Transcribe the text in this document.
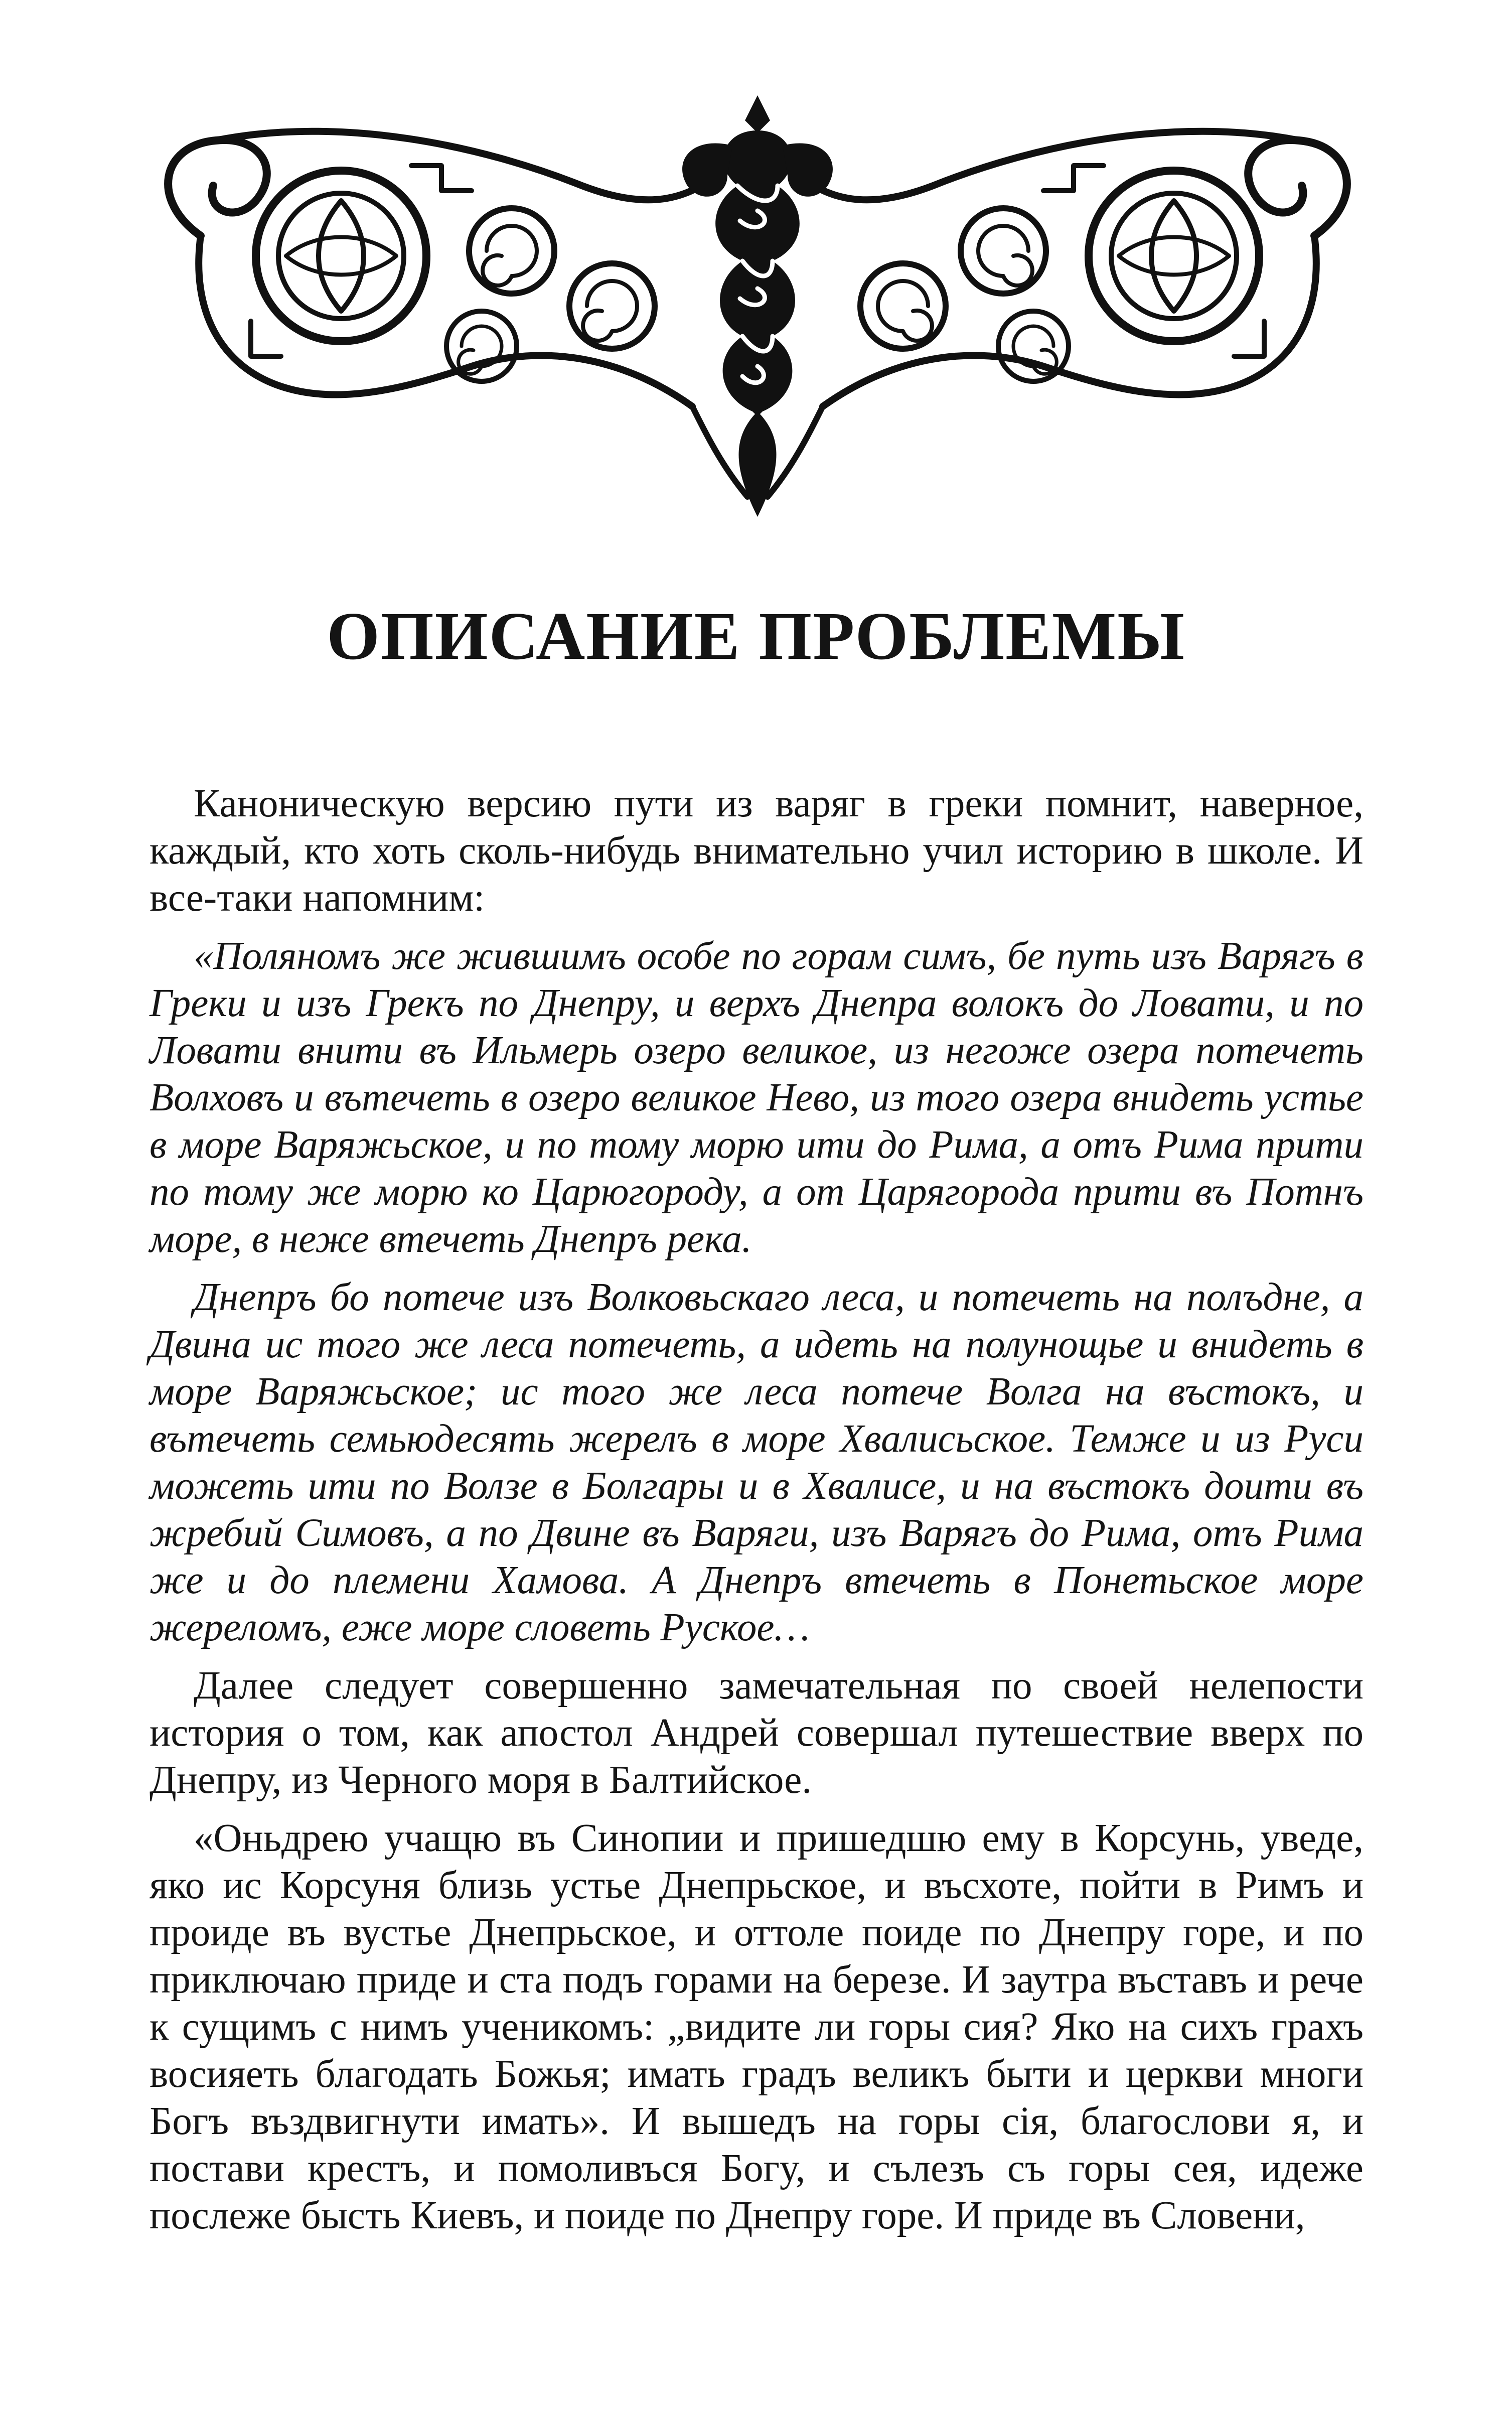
ОПИСАНИЕ ПРОБЛЕМЫ

Каноническую версию пути из варяг в греки помнит, наверное, каждый, кто хоть сколь-нибудь внимательно учил историю в школе. И все-таки напомним:

«Поляномъ же жившимъ особе по горам симъ, бе путь изъ Варягъ в Греки и изъ Грекъ по Днепру, и верхъ Днепра волокъ до Ловати, и по Ловати внити въ Ильмерь озеро великое, из негоже озера потечеть Волховъ и вътечеть в озеро великое Нево, из того озера внидеть устье в море Варяжьское, и по тому морю ити до Рима, а отъ Рима прити по тому же морю ко Царюгороду, а от Царягорода прити въ Потнъ море, в неже втечеть Днепръ река.

Днепръ бо потече изъ Волковьскаго леса, и потечеть на полъдне, а Двина ис того же леса потечеть, а идеть на полунощье и внидеть в море Варяжьское; ис того же леса потече Волга на въстокъ, и вътечеть семьюдесять жерелъ в море Хвалисьское. Темже и из Руси можеть ити по Волзе в Болгары и в Хвалисе, и на въстокъ доити въ жребий Симовъ, а по Двине въ Варяги, изъ Варягъ до Рима, отъ Рима же и до племени Хамова. А Днепръ втечеть в Понетьское море жереломъ, еже море словеть Руское…

Далее следует совершенно замечательная по своей нелепости история о том, как апостол Андрей совершал путешествие вверх по Днепру, из Черного моря в Балтийское.

«Оньдрею учащю въ Синопии и пришедшю ему в Корсунь, уведе, яко ис Корсуня близь устье Днепрьское, и въсхоте, пойти в Римъ и проиде въ вустье Днепрьское, и оттоле поиде по Днепру горе, и по приключаю приде и ста подъ горами на березе. И заутра въставъ и рече к сущимъ с нимъ ученикомъ: „видите ли горы сия? Яко на сихъ грахъ восияеть благодать Божья; имать градъ великъ быти и церкви многи Богъ въздвигнути имать». И вышедъ на горы сія, благослови я, и постави крестъ, и помоливъся Богу, и сълезъ съ горы сея, идеже послеже бысть Киевъ, и поиде по Днепру горе. И приде въ Словени,
